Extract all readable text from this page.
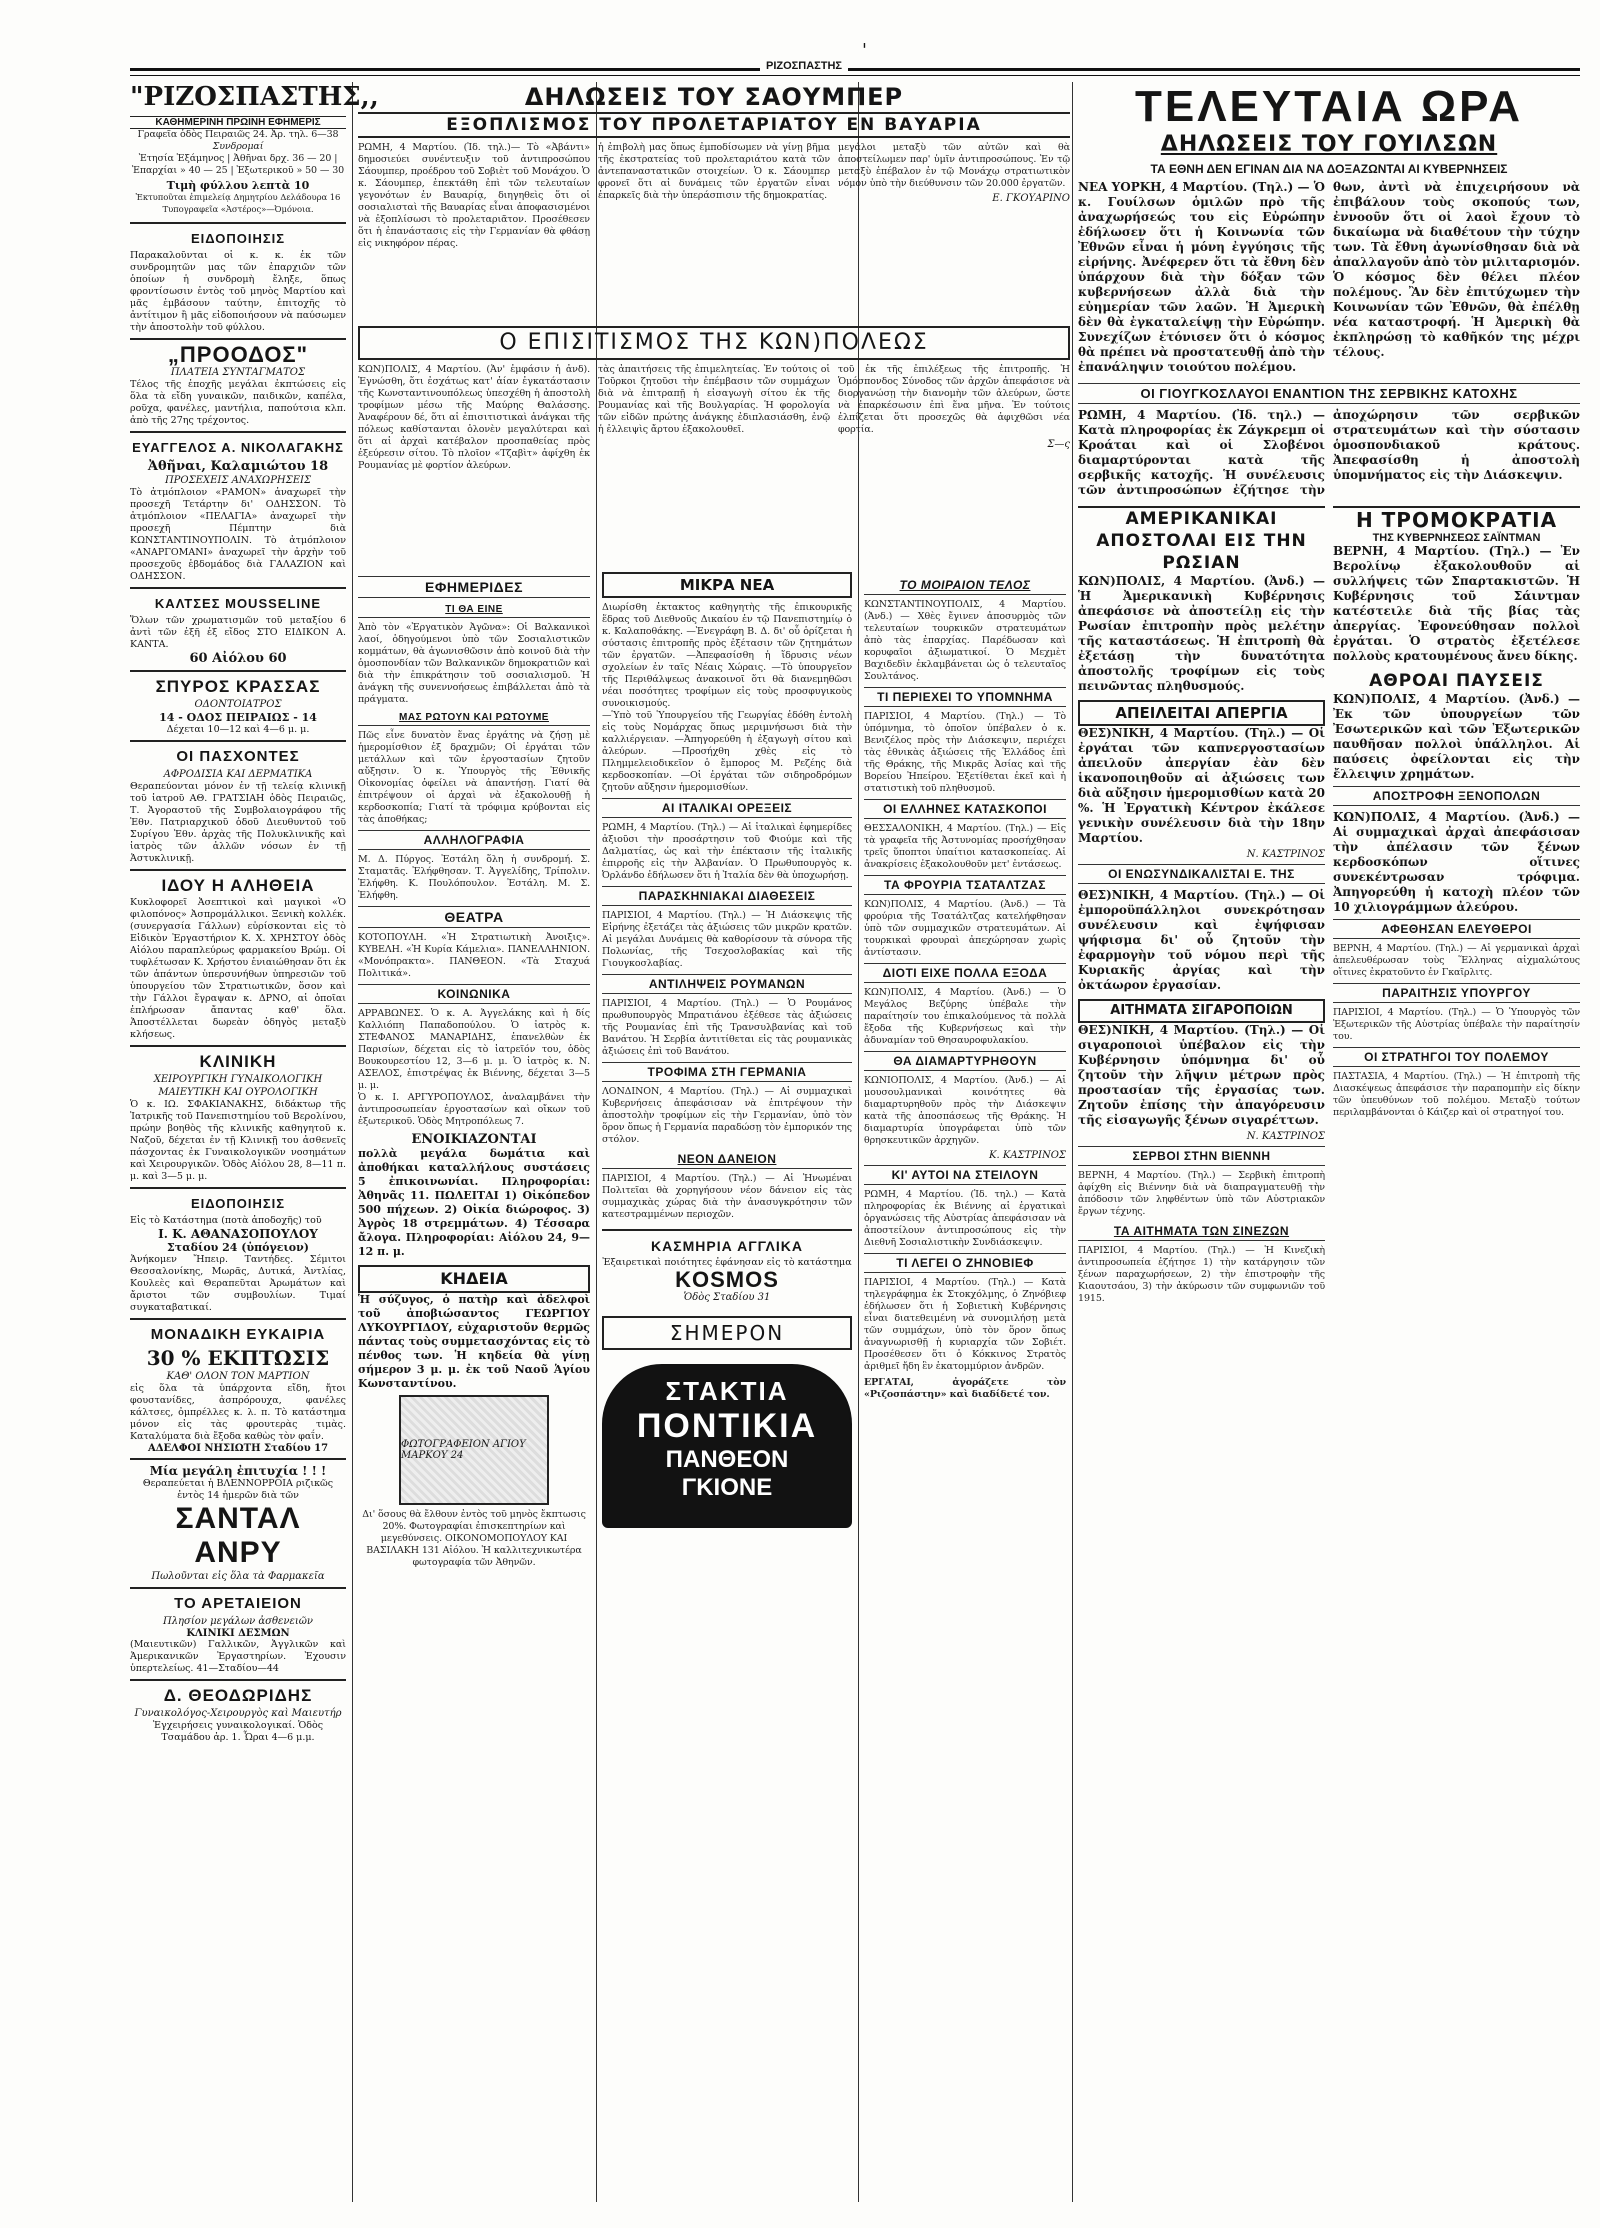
'
ΡΙΖΟΣΠΑΣΤΗΣ
"ΡΙΖΟΣΠΑΣΤΗΣ,,
ΚΑΘΗΜΕΡΙΝΗ ΠΡΩΙΝΗ ΕΦΗΜΕΡΙΣ
Γραφεῖα ὁδὸς Πειραιῶς 24. Ἀρ. τηλ. 6—38
Συνδρομαί
Ἐτησία Ἑξάμηνος | Ἀθῆναι δρχ. 36 — 20 | Ἐπαρχίαι » 40 — 25 | Ἐξωτερικοῦ » 50 — 30
Τιμὴ φύλλου λεπτὰ 10
Ἐκτυποῦται ἐπιμελείᾳ Δημητρίου Δελάδουρα 16 Τυπογραφεῖα «Ἀστέρος»—Ὀμόνοια.
ΕΙΔΟΠΟΙΗΣΙΣ
Παρακαλοῦνται οἱ κ. κ. ἐκ τῶν συνδρομητῶν μας τῶν ἐπαρχιῶν τῶν ὁποίων ἡ συνδρομὴ ἔληξε, ὅπως φροντίσωσιν ἐντὸς τοῦ μηνὸς Μαρτίου καὶ μᾶς ἐμβάσουν ταύτην, ἐπιτοχῆς τὸ ἀντίτιμον ἢ μᾶς εἰδοποιήσουν νὰ παύσωμεν τὴν ἀποστολὴν τοῦ φύλλου.
„ΠΡΟΟΔΟΣ"
ΠΛΑΤΕΙΑ ΣΥΝΤΑΓΜΑΤΟΣ
Τέλος τῆς ἐποχῆς μεγάλαι ἐκπτώσεις εἰς ὅλα τὰ εἴδη γυναικῶν, παιδικῶν, καπέλα, ροῦχα, φανέλες, μαντήλια, παπούτσια κλπ. ἀπὸ τῆς 27ης τρέχοντος.
ΕΥΑΓΓΕΛΟΣ Α. ΝΙΚΟΛΑΓΑΚΗΣ
Ἀθῆναι, Καλαμιώτου 18
ΠΡΟΣΕΧΕΙΣ ΑΝΑΧΩΡΗΣΕΙΣ
Τὸ ἀτμόπλοιον «ΡΑΜΟΝ» ἀναχωρεῖ τὴν προσεχῆ Τετάρτην δι' ΟΔΗΣΣΟΝ. Τὸ ἀτμόπλοιον «ΠΕΛΑΓΙΑ» ἀναχωρεῖ τὴν προσεχῆ Πέμπτην διὰ ΚΩΝΣΤΑΝΤΙΝΟΥΠΟΛΙΝ. Τὸ ἀτμόπλοιον «ΑΝΑΡΓΟΜΑΝΙ» ἀναχωρεῖ τὴν ἀρχὴν τοῦ προσεχοῦς ἑβδομάδος διὰ ΓΑΛΑΖΙΟΝ καὶ ΟΔΗΣΣΟΝ.
ΚΑΛΤΣΕΣ MOUSSELINE
Ὅλων τῶν χρωματισμῶν τοῦ μεταξίου 6 ἀντὶ τῶν ἑξῆ ἐξ εἴδος ΣΤΟ ΕΙΔΙΚΟΝ Α. ΚΑΝΤΑ.
60 Αἰόλου 60
ΣΠΥΡΟΣ ΚΡΑΣΣΑΣ
ΟΔΟΝΤΟΙΑΤΡΟΣ
14 - ΟΔΟΣ ΠΕΙΡΑΙΩΣ - 14
Δέχεται 10—12 καὶ 4—6 μ. μ.
ΟΙ ΠΑΣΧΟΝΤΕΣ
ΑΦΡΟΔΙΣΙΑ ΚΑΙ ΔΕΡΜΑΤΙΚΑ
Θεραπεύονται μόνον ἐν τῇ τελείᾳ κλινικῇ τοῦ ἰατροῦ ΑΘ. ΓΡΑΤΣΙΑΗ ὁδὸς Πειραιῶς, Τ. Ἀγοραστοῦ τῆς Συμβολαιογράφου τῆς Ἐθν. Πατριαρχικοῦ ὁδοῦ Διευθυντοῦ τοῦ Συρίγου Ἐθν. ἀρχὰς τῆς Πολυκλινικῆς καὶ ἰατρὸς τῶν ἀλλῶν νόσων ἐν τῇ Ἀστυκλινικῇ.
ΙΔΟΥ Η ΑΛΗΘΕΙΑ
Κυκλοφορεῖ Ἀσεπτικοὶ καὶ μαγικοὶ «Ὁ φιλοπόνος» Ἀσπρομάλλικοι. Ξενικὴ κολλέκ. (συνεργασία Γάλλων) εὑρίσκονται εἰς τὸ Εἰδικὸν Ἐργαστήριον Κ. Χ. ΧΡΗΣΤΟΥ ὁδὸς Αἰόλου παραπλεύρως φαρμακείου Βρώμ. Οἱ τυφλέτωσαν Κ. Χρήστου ἐνιαιώθησαν ὅτι ἐκ τῶν ἁπάντων ὑπερσυνήθων ὑπηρεσιῶν τοῦ ὑπουργείου τῶν Στρατιωτικῶν, ὅσον καὶ τὴν Γάλλοι ἔγραψαν κ. ΔΡΝΟ, αἱ ὁποῖαι ἐπλήρωσαν ἄπαντας καθ' ὅλα. Ἀποστέλλεται δωρεὰν ὁδηγὸς μεταξὺ κλήσεως.
ΚΛΙΝΙΚΗ
ΧΕΙΡΟΥΡΓΙΚΗ ΓΥΝΑΙΚΟΛΟΓΙΚΗ ΜΑΙΕΥΤΙΚΗ ΚΑΙ ΟΥΡΟΛΟΓΙΚΗ
Ὁ κ. ΙΩ. ΣΦΑΚΙΑΝΑΚΗΣ, διδάκτωρ τῆς Ἰατρικῆς τοῦ Πανεπιστημίου τοῦ Βερολίνου, πρώην βοηθὸς τῆς κλινικῆς καθηγητοῦ κ. Ναζοῦ, δέχεται ἐν τῇ Κλινικῇ του ἀσθενεῖς πάσχοντας ἐκ Γυναικολογικῶν νοσημάτων καὶ Χειρουργικῶν. Ὁδὸς Αἰόλου 28, 8—11 π. μ. καὶ 3—5 μ. μ.
ΕΙΔΟΠΟΙΗΣΙΣ
Εἰς τὸ Κατάστημα (ποτὰ ἀποδοχῆς) τοῦ
Ι. Κ. ΑΘΑΝΑΣΟΠΟΥΛΟΥ
Σταδίου 24 (ὑπόγειον)
Ἀνήκομεν Ἤπειρ. Ταντήδες. Σέμιτοι Θεσσαλονίκης, Μωρᾶς, Δυτικά, Ἀντλίας, Κουλεὲς καὶ Θεραπεῦται Ἀρωμάτων καὶ ἄριστοι τῶν συμβουλίων. Τιμαί συγκαταβατικαί.
ΜΟΝΑΔΙΚΗ ΕΥΚΑΙΡΙΑ
30 % ΕΚΠΤΩΣΙΣ
ΚΑΘ' ΟΛΟΝ ΤΟΝ ΜΑΡΤΙΟΝ
εἰς ὅλα τὰ ὑπάρχοντα εἴδη, ἤτοι φουστανίδες, ἀσπρόρουχα, φανέλες κάλτσες, ὀμπρέλλες κ. λ. π. Τὸ κατάστημα μόνον εἰς τὰς φρουτερὰς τιμὰς. Καταλύματα διὰ ἔξοδα καθὼς τὸν φαΐν.
ΑΔΕΛΦΟΙ ΝΗΣΙΩΤΗ Σταδίου 17
Μία μεγάλη ἐπιτυχία ! ! !
Θεραπεύεται ἡ ΒΛΕΝΝΟΡΡΟΙΑ ριζικῶς ἐντὸς 14 ἡμερῶν διὰ τῶν
ΣΑΝΤΑΛ ΑΝΡΥ
Πωλοῦνται εἰς ὅλα τὰ Φαρμακεῖα
ΤΟ ΑΡΕΤΑΙΕΙΟΝ
Πλησίον μεγάλων ἀσθενειῶν
ΚΛΙΝΙΚΙ ΔΕΣΜΩΝ
(Μαιευτικῶν) Γαλλικῶν, Ἀγγλικῶν καὶ Ἀμερικανικῶν Ἐργαστηρίων. Ἐχουσιν ὑπερτελείως. 41—Σταδίου—44
Δ. ΘΕΟΔΩΡΙΔΗΣ
Γυναικολόγος-Χειρουργὸς καὶ Μαιευτήρ
Ἐγχειρήσεις γυναικολογικαί. Ὁδὸς Τσαμάδου ἀρ. 1. Ὧραι 4—6 μ.μ.
ΔΗΛΩΣΕΙΣ ΤΟΥ ΣΑΟΥΜΠΕΡ
ΕΞΟΠΛΙΣΜΟΣ ΤΟΥ ΠΡΟΛΕΤΑΡΙΑΤΟΥ ΕΝ ΒΑΥΑΡΙΑ
ΡΩΜΗ, 4 Μαρτίου. (Ἰδ. τηλ.)— Τὸ «Ἀβάντι» δημοσιεύει συνέντευξιν τοῦ ἀντιπροσώπου Σάουμπερ, προέδρου τοῦ Σοβιὲτ τοῦ Μονάχου. Ὁ κ. Σάουμπερ, ἐπεκτάθη ἐπὶ τῶν τελευταίων γεγονότων ἐν Βαυαρίᾳ, διηγηθεὶς ὅτι οἱ σοσιαλισταὶ τῆς Βαυαρίας εἶναι ἀποφασισμένοι νὰ ἐξοπλίσωσι τὸ προλεταριᾶτον. Προσέθεσεν ὅτι ἡ ἐπανάστασις εἰς τὴν Γερμανίαν θὰ φθάσῃ εἰς νικηφόρον πέρας.
ἡ ἐπιβολὴ μας ὅπως ἐμποδίσωμεν νὰ γίνῃ βῆμα τῆς ἐκστρατείας τοῦ προλεταριάτου κατὰ τῶν ἀντεπαναστατικῶν στοιχείων. Ὁ κ. Σάουμπερ φρονεῖ ὅτι αἱ δυνάμεις τῶν ἐργατῶν εἶναι ἐπαρκεῖς διὰ τὴν ὑπεράσπισιν τῆς δημοκρατίας.
μεγάλοι μεταξὺ τῶν αὐτῶν καὶ θὰ ἀποστείλωμεν παρ' ὑμῖν ἀντιπροσώπους. Ἐν τῷ μεταξὺ ἐπέβαλον ἐν τῷ Μονάχῳ στρατιωτικὸν νόμον ὑπὸ τὴν διεύθυνσιν τῶν 20.000 ἐργατῶν.
Ε. ΓΚΟΥΑΡΙΝΟ
Ο ΕΠΙΣΙΤΙΣΜΟΣ ΤΗΣ ΚΩΝ)ΠΟΛΕΩΣ
ΚΩΝ)ΠΟΛΙΣ, 4 Μαρτίου. (Ἀν' ἐμφάσιν ἡ ἀνδ). Ἐγνώσθη, ὅτι ἐσχάτως κατ' ἀίαν ἐγκατάστασιν τῆς Κωνσταντινουπόλεως ὑπεσχέθη ἡ ἀποστολὴ τροφίμων μέσω τῆς Μαύρης Θαλάσσης. Ἀναφέρουν δέ, ὅτι αἱ ἐπισιτιστικαὶ ἀνάγκαι τῆς πόλεως καθίστανται ὁλονὲν μεγαλύτεραι καὶ ὅτι αἱ ἀρχαὶ κατέβαλον προσπαθείας πρὸς ἐξεύρεσιν σίτου. Τὸ πλοῖον «Τζαβὶτ» ἀφίχθη ἐκ Ρουμανίας μὲ φορτίον ἀλεύρων.
τὰς ἀπαιτήσεις τῆς ἐπιμελητείας. Ἐν τούτοις οἱ Τοῦρκοι ζητοῦσι τὴν ἐπέμβασιν τῶν συμμάχων διὰ νὰ ἐπιτραπῇ ἡ εἰσαγωγὴ σίτου ἐκ τῆς Ρουμανίας καὶ τῆς Βουλγαρίας. Ἡ φορολογία τῶν εἰδῶν πρώτης ἀνάγκης ἐδιπλασιάσθη, ἐνῷ ἡ ἐλλειψὶς ἄρτου ἐξακολουθεῖ.
τοῦ ἐκ τῆς ἐπιλέξεως τῆς ἐπιτροπῆς. Ἡ Ὁμόσπονδος Σύνοδος τῶν ἀρχῶν ἀπεφάσισε νὰ διοργανώσῃ τὴν διανομὴν τῶν ἀλεύρων, ὥστε νὰ ἐπαρκέσωσιν ἐπὶ ἕνα μῆνα. Ἐν τούτοις ἐλπίζεται ὅτι προσεχῶς θὰ ἀφιχθῶσι νέα φορτία.
Σ—ς
ΕΦΗΜΕΡΙΔΕΣ
ΤΙ ΘΑ ΕΙΝΕ
Ἀπὸ τὸν «Ἐργατικὸν Ἀγῶνα»: Οἱ Βαλκανικοὶ λαοί, ὁδηγούμενοι ὑπὸ τῶν Σοσιαλιστικῶν κομμάτων, θὰ ἀγωνισθῶσιν ἀπὸ κοινοῦ διὰ τὴν ὁμοσπονδίαν τῶν Βαλκανικῶν δημοκρατιῶν καὶ διὰ τὴν ἐπικράτησιν τοῦ σοσιαλισμοῦ. Ἡ ἀνάγκη τῆς συνεννοήσεως ἐπιβάλλεται ἀπὸ τὰ πράγματα.
ΜΑΣ ΡΩΤΟΥΝ ΚΑΙ ΡΩΤΟΥΜΕ
Πῶς εἶνε δυνατὸν ἕνας ἐργάτης νὰ ζήσῃ μὲ ἡμερομίσθιον ἐξ δραχμῶν; Οἱ ἐργάται τῶν μετάλλων καὶ τῶν ἐργοστασίων ζητοῦν αὔξησιν. Ὁ κ. Ὑπουργὸς τῆς Ἐθνικῆς Οἰκονομίας ὀφείλει νὰ ἀπαντήσῃ. Γιατί θὰ ἐπιτρέψουν οἱ ἀρχαὶ νὰ ἐξακολουθῇ ἡ κερδοσκοπία; Γιατί τὰ τρόφιμα κρύβονται εἰς τὰς ἀποθήκας;
ΑΛΛΗΛΟΓΡΑΦΙΑ
Μ. Δ. Πύργος. Ἐστάλη ὅλη ἡ συνδρομή. Σ. Σταματᾶς. Ἐλήφθησαν. Τ. Ἀγγελίδης, Τρίπολιν. Ἐλήφθη. Κ. Πουλόπουλον. Ἐστάλη. Μ. Σ. Ἐλήφθη.
ΘΕΑΤΡΑ
ΚΟΤΟΠΟΥΛΗ. «Ἡ Στρατιωτικὴ Ἀνοιξις». ΚΥΒΕΛΗ. «Ἡ Κυρία Κάμελια». ΠΑΝΕΛΛΗΝΙΟΝ. «Μονόπρακτα». ΠΑΝΘΕΟΝ. «Τὰ Σταχυά Πολιτικά».
ΚΟΙΝΩΝΙΚΑ
ΑΡΡΑΒΩΝΕΣ. Ὁ κ. Α. Ἀγγελάκης καὶ ἡ δίς Καλλιόπη Παπαδοπούλου. Ὁ ἰατρὸς κ. ΣΤΕΦΑΝΟΣ ΜΑΝΑΡΙΔΗΣ, ἐπανελθὼν ἐκ Παρισίων, δέχεται εἰς τὸ ἰατρεῖόν του, ὁδὸς Βουκουρεστίου 12, 3—6 μ. μ. Ὁ ἰατρὸς κ. Ν. ΑΣΕΛΟΣ, ἐπιστρέψας ἐκ Βιέννης, δέχεται 3—5 μ. μ.
Ὁ κ. Ι. ΑΡΓΥΡΟΠΟΥΛΟΣ, ἀναλαμβάνει τὴν ἀντιπροσωπείαν ἐργοστασίων καὶ οἴκων τοῦ ἐξωτερικοῦ. Ὁδὸς Μητροπόλεως 7.
ΕΝΟΙΚΙΑΖΟΝΤΑΙ
πολλὰ μεγάλα δωμάτια καὶ ἀποθήκαι καταλλήλους συστάσεις 5 ἐπικοινωνίαι. Πληροφορίαι: Ἀθηνᾶς 11. ΠΩΛΕΙΤΑΙ 1) Οἰκόπεδον 500 πήχεων. 2) Οἰκία διώροφος. 3) Ἀγρὸς 18 στρεμμάτων. 4) Τέσσαρα ἄλογα. Πληροφορίαι: Αἰόλου 24, 9—12 π. μ.
ΚΗΔΕΙΑ
Ἡ σύζυγος, ὁ πατὴρ καὶ ἀδελφοὶ τοῦ ἀποβιώσαντος ΓΕΩΡΓΙΟΥ ΛΥΚΟΥΡΓΙΔΟΥ, εὐχαριστοῦν θερμῶς πάντας τοὺς συμμετασχόντας εἰς τὸ πένθος των. Ἡ κηδεία θὰ γίνῃ σήμερον 3 μ. μ. ἐκ τοῦ Ναοῦ Ἁγίου Κωνσταντίνου.
ΦΩΤΟΓΡΑΦΕΙΟΝ ΑΓΙΟΥ ΜΑΡΚΟΥ 24
Δι' ὅσους θὰ ἔλθουν ἐντὸς τοῦ μηνὸς ἔκπτωσις 20%. Φωτογραφίαι ἐπισκεπτηρίων καὶ μεγεθύνσεις. ΟΙΚΟΝΟΜΟΠΟΥΛΟΥ ΚΑΙ ΒΑΣΙΛΑΚΗ 131 Αἰόλου. Ἡ καλλιτεχνικωτέρα φωτογραφία τῶν Ἀθηνῶν.
ΜΙΚΡΑ ΝΕΑ
Διωρίσθη ἐκτακτος καθηγητὴς τῆς ἐπικουρικῆς ἕδρας τοῦ Διεθνοῦς Δικαίου ἐν τῷ Πανεπιστημίῳ ὁ κ. Καλαποθάκης. —Ἐνεγράφη Β. Δ. δι' οὗ ὁρίζεται ἡ σύστασις ἐπιτροπῆς πρὸς ἐξέτασιν τῶν ζητημάτων τῶν ἐργατῶν. —Ἀπεφασίσθη ἡ ἵδρυσις νέων σχολείων ἐν ταῖς Νέαις Χώραις. —Τὸ ὑπουργεῖον τῆς Περιθάλψεως ἀνακοινοῖ ὅτι θὰ διανεμηθῶσι νέαι ποσότητες τροφίμων εἰς τοὺς προσφυγικοὺς συνοικισμούς.
—Ὑπὸ τοῦ Ὑπουργείου τῆς Γεωργίας ἐδόθη ἐντολὴ εἰς τοὺς Νομάρχας ὅπως μεριμνήσωσι διὰ τὴν καλλιέργειαν. —Ἀπηγορεύθη ἡ ἐξαγωγὴ σίτου καὶ ἀλεύρων. —Προσήχθη χθὲς εἰς τὸ Πλημμελειοδικεῖον ὁ ἔμπορος Μ. Ρεζέης διὰ κερδοσκοπίαν. —Οἱ ἐργάται τῶν σιδηροδρόμων ζητοῦν αὔξησιν ἡμερομισθίων.
ΑΙ ΙΤΑΛΙΚΑΙ ΟΡΕΞΕΙΣ
ΡΩΜΗ, 4 Μαρτίου. (Τηλ.) — Αἱ ἰταλικαὶ ἐφημερίδες ἀξιοῦσι τὴν προσάρτησιν τοῦ Φιούμε καὶ τῆς Δαλματίας, ὡς καὶ τὴν ἐπέκτασιν τῆς ἰταλικῆς ἐπιρροῆς εἰς τὴν Ἀλβανίαν. Ὁ Πρωθυπουργὸς κ. Ὀρλάνδο ἐδήλωσεν ὅτι ἡ Ἰταλία δὲν θὰ ὑποχωρήσῃ.
ΠΑΡΑΣΚΗΝΙΑΚΑΙ ΔΙΑΘΕΣΕΙΣ
ΠΑΡΙΣΙΟΙ, 4 Μαρτίου. (Τηλ.) — Ἡ Διάσκεψις τῆς Εἰρήνης ἐξετάζει τὰς ἀξιώσεις τῶν μικρῶν κρατῶν. Αἱ μεγάλαι Δυνάμεις θὰ καθορίσουν τὰ σύνορα τῆς Πολωνίας, τῆς Τσεχοσλοβακίας καὶ τῆς Γιουγκοσλαβίας.
ΑΝΤΙΛΗΨΕΙΣ ΡΟΥΜΑΝΩΝ
ΠΑΡΙΣΙΟΙ, 4 Μαρτίου. (Τηλ.) — Ὁ Ρουμάνος πρωθυπουργὸς Μπρατιάνου ἐξέθεσε τὰς ἀξιώσεις τῆς Ρουμανίας ἐπὶ τῆς Τρανσυλβανίας καὶ τοῦ Βανάτου. Ἡ Σερβία ἀντιτίθεται εἰς τὰς ρουμανικὰς ἀξιώσεις ἐπὶ τοῦ Βανάτου.
ΤΡΟΦΙΜΑ ΣΤΗ ΓΕΡΜΑΝΙΑ
ΛΟΝΔΙΝΟΝ, 4 Μαρτίου. (Τηλ.) — Αἱ συμμαχικαὶ Κυβερνήσεις ἀπεφάσισαν νὰ ἐπιτρέψουν τὴν ἀποστολὴν τροφίμων εἰς τὴν Γερμανίαν, ὑπὸ τὸν ὅρον ὅπως ἡ Γερμανία παραδώσῃ τὸν ἐμπορικόν της στόλον.
ΝΕΟΝ ΔΑΝΕΙΟΝ
ΠΑΡΙΣΙΟΙ, 4 Μαρτίου. (Τηλ.) — Αἱ Ἡνωμέναι Πολιτεῖαι θὰ χορηγήσουν νέον δάνειον εἰς τὰς συμμαχικὰς χώρας διὰ τὴν ἀνασυγκρότησιν τῶν κατεστραμμένων περιοχῶν.
ΚΑΣΜΗΡΙΑ ΑΓΓΛΙΚΑ
Ἐξαιρετικαὶ ποιότητες ἐφάνησαν εἰς τὸ κατάστημα
KOSMOS
Ὁδὸς Σταδίου 31
ΣΗΜΕΡΟΝ
ΣΤΑΚΤΙΑ
ΠΟΝΤΙΚΙΑ
ΠΑΝΘΕΟΝ
ΓΚΙΟΝΕ
ΤΟ ΜΟΙΡΑΙΟΝ ΤΕΛΟΣ
ΚΩΝΣΤΑΝΤΙΝΟΥΠΟΛΙΣ, 4 Μαρτίου. (Ἀνδ.) — Χθὲς ἔγινεν ἀποσυρμὸς τῶν τελευταίων τουρκικῶν στρατευμάτων ἀπὸ τὰς ἐπαρχίας. Παρέδωσαν καὶ κορυφαῖοι ἀξιωματικοί. Ὁ Μεχμὲτ Βαχιδεδὶν ἐκλαμβάνεται ὡς ὁ τελευταῖος Σουλτάνος.
ΤΙ ΠΕΡΙΕΧΕΙ ΤΟ ΥΠΟΜΝΗΜΑ
ΠΑΡΙΣΙΟΙ, 4 Μαρτίου. (Τηλ.) — Τὸ ὑπόμνημα, τὸ ὁποῖον ὑπέβαλεν ὁ κ. Βενιζέλος πρὸς τὴν Διάσκεψιν, περιέχει τὰς ἐθνικὰς ἀξιώσεις τῆς Ἑλλάδος ἐπὶ τῆς Θράκης, τῆς Μικρᾶς Ἀσίας καὶ τῆς Βορείου Ἠπείρου. Ἐξετίθεται ἐκεῖ καὶ ἡ στατιστικὴ τοῦ πληθυσμοῦ.
ΟΙ ΕΛΛΗΝΕΣ ΚΑΤΑΣΚΟΠΟΙ
ΘΕΣΣΑΛΟΝΙΚΗ, 4 Μαρτίου. (Τηλ.) — Εἰς τὰ γραφεῖα τῆς Ἀστυνομίας προσήχθησαν τρεῖς ὕποπτοι ὑπαίτιοι κατασκοπείας. Αἱ ἀνακρίσεις ἐξακολουθοῦν μετ' ἐντάσεως.
ΤΑ ΦΡΟΥΡΙΑ ΤΣΑΤΑΛΤΖΑΣ
ΚΩΝ)ΠΟΛΙΣ, 4 Μαρτίου. (Ἀνδ.) — Τὰ φρούρια τῆς Τσατάλτζας κατελήφθησαν ὑπὸ τῶν συμμαχικῶν στρατευμάτων. Αἱ τουρκικαὶ φρουραὶ ἀπεχώρησαν χωρὶς ἀντίστασιν.
ΔΙΟΤΙ ΕΙΧΕ ΠΟΛΛΑ ΕΞΟΔΑ
ΚΩΝ)ΠΟΛΙΣ, 4 Μαρτίου. (Ἀνδ.) — Ὁ Μεγάλος Βεζύρης ὑπέβαλε τὴν παραίτησίν του ἐπικαλούμενος τὰ πολλὰ ἔξοδα τῆς Κυβερνήσεως καὶ τὴν ἀδυναμίαν τοῦ Θησαυροφυλακίου.
ΘΑ ΔΙΑΜΑΡΤΥΡΗΘΟΥΝ
ΚΩΝΙΟΠΟΛΙΣ, 4 Μαρτίου. (Ἀνδ.) — Αἱ μουσουλμανικαὶ κοινότητες θὰ διαμαρτυρηθοῦν πρὸς τὴν Διάσκεψιν κατὰ τῆς ἀποσπάσεως τῆς Θράκης. Ἡ διαμαρτυρία ὑπογράφεται ὑπὸ τῶν θρησκευτικῶν ἀρχηγῶν.
Κ. ΚΑΣΤΡΙΝΟΣ
ΚΙ' ΑΥΤΟΙ ΝΑ ΣΤΕΙΛΟΥΝ
ΡΩΜΗ, 4 Μαρτίου. (Ἰδ. τηλ.) — Κατὰ πληροφορίας ἐκ Βιέννης αἱ ἐργατικαὶ ὀργανώσεις τῆς Αὐστρίας ἀπεφάσισαν νὰ ἀποστείλουν ἀντιπροσώπους εἰς τὴν Διεθνῆ Σοσιαλιστικὴν Συνδιάσκεψιν.
ΤΙ ΛΕΓΕΙ Ο ΖΗΝΟΒΙΕΦ
ΠΑΡΙΣΙΟΙ, 4 Μαρτίου. (Τηλ.) — Κατὰ τηλεγράφημα ἐκ Στοκχόλμης, ὁ Ζηνόβιεφ ἐδήλωσεν ὅτι ἡ Σοβιετικὴ Κυβέρνησις εἶναι διατεθειμένη νὰ συνομιλήσῃ μετὰ τῶν συμμάχων, ὑπὸ τὸν ὅρον ὅπως ἀναγνωρισθῇ ἡ κυριαρχία τῶν Σοβιέτ. Προσέθεσεν ὅτι ὁ Κόκκινος Στρατὸς ἀριθμεῖ ἤδη ἓν ἑκατομμύριον ἀνδρῶν.
ΕΡΓΑΤΑΙ, ἀγοράζετε τὸν «Ριζοσπάστην» καὶ διαδίδετέ τον.
ΤΕΛΕΥΤΑΙΑ ΩΡΑ
ΔΗΛΩΣΕΙΣ ΤΟΥ ΓΟΥΙΛΣΩΝ
ΤΑ ΕΘΝΗ ΔΕΝ ΕΓΙΝΑΝ ΔΙΑ ΝΑ ΔΟΞΑΖΩΝΤΑΙ ΑΙ ΚΥΒΕΡΝΗΣΕΙΣ
ΝΕΑ ΥΟΡΚΗ, 4 Μαρτίου. (Τηλ.) — Ὁ κ. Γουίλσων ὁμιλῶν πρὸ τῆς ἀναχωρήσεώς του εἰς Εὐρώπην ἐδήλωσεν ὅτι ἡ Κοινωνία τῶν Ἐθνῶν εἶναι ἡ μόνη ἐγγύησις τῆς εἰρήνης. Ἀνέφερεν ὅτι τὰ ἔθνη δὲν ὑπάρχουν διὰ τὴν δόξαν τῶν κυβερνήσεων ἀλλὰ διὰ τὴν εὐημερίαν τῶν λαῶν. Ἡ Ἀμερικὴ δὲν θὰ ἐγκαταλείψῃ τὴν Εὐρώπην. Συνεχίζων ἐτόνισεν ὅτι ὁ κόσμος θὰ πρέπει νὰ προστατευθῇ ἀπὸ τὴν ἐπανάληψιν τοιούτου πολέμου.
θων, ἀντὶ νὰ ἐπιχειρήσουν νὰ ἐπιβάλουν τοὺς σκοπούς των, ἐννοοῦν ὅτι οἱ λαοὶ ἔχουν τὸ δικαίωμα νὰ διαθέτουν τὴν τύχην των. Τὰ ἔθνη ἀγωνίσθησαν διὰ νὰ ἀπαλλαγοῦν ἀπὸ τὸν μιλιταρισμόν. Ὁ κόσμος δὲν θέλει πλέον πολέμους. Ἂν δὲν ἐπιτύχωμεν τὴν Κοινωνίαν τῶν Ἐθνῶν, θὰ ἐπέλθῃ νέα καταστροφή. Ἡ Ἀμερικὴ θὰ ἐκπληρώσῃ τὸ καθῆκόν της μέχρι τέλους.
ΟΙ ΓΙΟΥΓΚΟΣΛΑΥΟΙ ΕΝΑΝΤΙΟΝ ΤΗΣ ΣΕΡΒΙΚΗΣ ΚΑΤΟΧΗΣ
ΡΩΜΗ, 4 Μαρτίου. (Ἰδ. τηλ.) — Κατὰ πληροφορίας ἐκ Ζάγκρεμπ οἱ Κροάται καὶ οἱ Σλοβένοι διαμαρτύρονται κατὰ τῆς σερβικῆς κατοχῆς. Ἡ συνέλευσις τῶν ἀντιπροσώπων ἐζήτησε τὴν ἀποχώρησιν τῶν σερβικῶν στρατευμάτων καὶ τὴν σύστασιν ὁμοσπονδιακοῦ κράτους. Ἀπεφασίσθη ἡ ἀποστολὴ ὑπομνήματος εἰς τὴν Διάσκεψιν.
ΑΜΕΡΙΚΑΝΙΚΑΙ ΑΠΟΣΤΟΛΑΙ ΕΙΣ ΤΗΝ ΡΩΣΙΑΝ
ΚΩΝ)ΠΟΛΙΣ, 4 Μαρτίου. (Ἀνδ.) — Ἡ Ἀμερικανικὴ Κυβέρνησις ἀπεφάσισε νὰ ἀποστείλῃ εἰς τὴν Ρωσίαν ἐπιτροπὴν πρὸς μελέτην τῆς καταστάσεως. Ἡ ἐπιτροπὴ θὰ ἐξετάσῃ τὴν δυνατότητα ἀποστολῆς τροφίμων εἰς τοὺς πεινῶντας πληθυσμούς.
ΑΠΕΙΛΕΙΤΑΙ ΑΠΕΡΓΙΑ
ΘΕΣ)ΝΙΚΗ, 4 Μαρτίου. (Τηλ.) — Οἱ ἐργάται τῶν καπνεργοστασίων ἀπειλοῦν ἀπεργίαν ἐὰν δὲν ἱκανοποιηθοῦν αἱ ἀξιώσεις των διὰ αὔξησιν ἡμερομισθίων κατὰ 20 %. Ἡ Ἐργατικὴ Κέντρον ἐκάλεσε γενικὴν συνέλευσιν διὰ τὴν 18ην Μαρτίου.
Ν. ΚΑΣΤΡΙΝΟΣ
ΟΙ ΕΝΩΣΥΝΔΙΚΑΛΙΣΤΑΙ Ε. ΤΗΣ
ΘΕΣ)ΝΙΚΗ, 4 Μαρτίου. (Τηλ.) — Οἱ ἐμποροϋπάλληλοι συνεκρότησαν συνέλευσιν καὶ ἐψήφισαν ψήφισμα δι' οὗ ζητοῦν τὴν ἐφαρμογὴν τοῦ νόμου περὶ τῆς Κυριακῆς ἀργίας καὶ τὴν ὀκτάωρον ἐργασίαν.
ΑΙΤΗΜΑΤΑ ΣΙΓΑΡΟΠΟΙΩΝ
ΘΕΣ)ΝΙΚΗ, 4 Μαρτίου. (Τηλ.) — Οἱ σιγαροποιοὶ ὑπέβαλον εἰς τὴν Κυβέρνησιν ὑπόμνημα δι' οὗ ζητοῦν τὴν λῆψιν μέτρων πρὸς προστασίαν τῆς ἐργασίας των. Ζητοῦν ἐπίσης τὴν ἀπαγόρευσιν τῆς εἰσαγωγῆς ξένων σιγαρέττων.
Ν. ΚΑΣΤΡΙΝΟΣ
ΣΕΡΒΟΙ ΣΤΗΝ ΒΙΕΝΝΗ
ΒΕΡΝΗ, 4 Μαρτίου. (Τηλ.) — Σερβικὴ ἐπιτροπὴ ἀφίχθη εἰς Βιέννην διὰ νὰ διαπραγματευθῇ τὴν ἀπόδοσιν τῶν ληφθέντων ὑπὸ τῶν Αὐστριακῶν ἔργων τέχνης.
ΤΑ ΑΙΤΗΜΑΤΑ ΤΩΝ ΣΙΝΕΖΩΝ
ΠΑΡΙΣΙΟΙ, 4 Μαρτίου. (Τηλ.) — Ἡ Κινεζικὴ ἀντιπροσωπεία ἐζήτησε 1) τὴν κατάργησιν τῶν ξένων παραχωρήσεων, 2) τὴν ἐπιστροφὴν τῆς Κιαουτσάου, 3) τὴν ἀκύρωσιν τῶν συμφωνιῶν τοῦ 1915.
Η ΤΡΟΜΟΚΡΑΤΙΑ
ΤΗΣ ΚΥΒΕΡΝΗΣΕΩΣ ΣΑΪΝΤΜΑΝ
ΒΕΡΝΗ, 4 Μαρτίου. (Τηλ.) — Ἐν Βερολίνῳ ἐξακολουθοῦν αἱ συλλήψεις τῶν Σπαρτακιστῶν. Ἡ Κυβέρνησις τοῦ Σάιντμαν κατέστειλε διὰ τῆς βίας τὰς ἀπεργίας. Ἐφονεύθησαν πολλοὶ ἐργάται. Ὁ στρατὸς ἐξετέλεσε πολλοὺς κρατουμένους ἄνευ δίκης.
ΑΘΡΟΑΙ ΠΑΥΣΕΙΣ
ΚΩΝ)ΠΟΛΙΣ, 4 Μαρτίου. (Ἀνδ.) — Ἐκ τῶν ὑπουργείων τῶν Ἐσωτερικῶν καὶ τῶν Ἐξωτερικῶν παυθῆσαν πολλοὶ ὑπάλληλοι. Αἱ παύσεις ὀφείλονται εἰς τὴν ἔλλειψιν χρημάτων.
ΑΠΟΣΤΡΟΦΗ ΞΕΝΟΠΟΛΩΝ
ΚΩΝ)ΠΟΛΙΣ, 4 Μαρτίου. (Ἀνδ.) — Αἱ συμμαχικαὶ ἀρχαὶ ἀπεφάσισαν τὴν ἀπέλασιν τῶν ξένων κερδοσκόπων οἵτινες συνεκέντρωσαν τρόφιμα. Ἀπηγορεύθη ἡ κατοχὴ πλέον τῶν 10 χιλιογράμμων ἀλεύρου.
ΑΦΕΘΗΣΑΝ ΕΛΕΥΘΕΡΟΙ
ΒΕΡΝΗ, 4 Μαρτίου. (Τηλ.) — Αἱ γερμανικαὶ ἀρχαὶ ἀπελευθέρωσαν τοὺς Ἕλληνας αἰχμαλώτους οἵτινες ἐκρατοῦντο ἐν Γκαῖρλιτς.
ΠΑΡΑΙΤΗΣΙΣ ΥΠΟΥΡΓΟΥ
ΠΑΡΙΣΙΟΙ, 4 Μαρτίου. (Τηλ.) — Ὁ Ὑπουργὸς τῶν Ἐξωτερικῶν τῆς Αὐστρίας ὑπέβαλε τὴν παραίτησίν του.
ΟΙ ΣΤΡΑΤΗΓΟΙ ΤΟΥ ΠΟΛΕΜΟΥ
ΠΑΣΤΑΣΙΑ, 4 Μαρτίου. (Τηλ.) — Ἡ ἐπιτροπὴ τῆς Διασκέψεως ἀπεφάσισε τὴν παραπομπὴν εἰς δίκην τῶν ὑπευθύνων τοῦ πολέμου. Μεταξὺ τούτων περιλαμβάνονται ὁ Κάιζερ καὶ οἱ στρατηγοί του.
